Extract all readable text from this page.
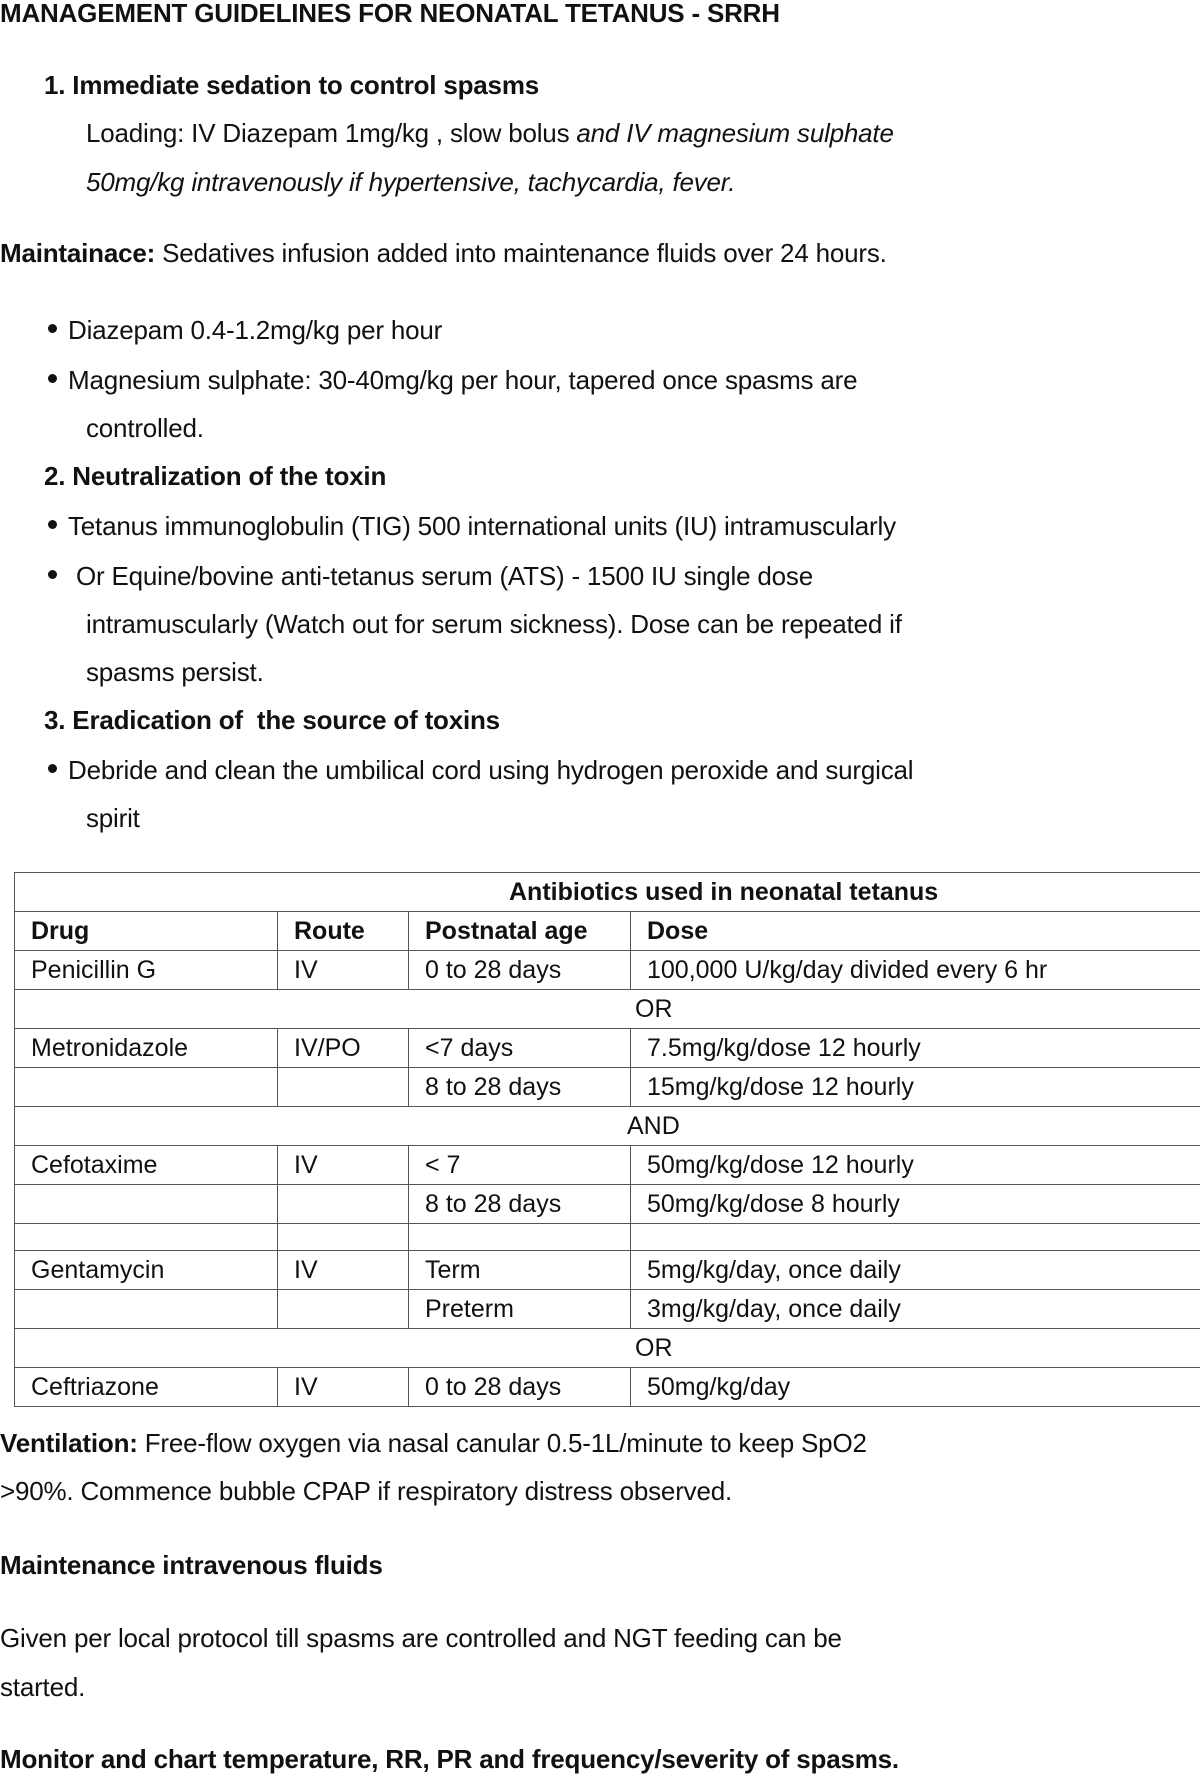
MANAGEMENT GUIDELINES FOR NEONATAL TETANUS - SRRH
1. Immediate sedation to control spasms
Loading: IV Diazepam 1mg/kg , slow bolus and IV magnesium sulphate
50mg/kg intravenously if hypertensive, tachycardia, fever.
Maintainace: Sedatives infusion added into maintenance fluids over 24 hours.
Diazepam 0.4-1.2mg/kg per hour
Magnesium sulphate: 30-40mg/kg per hour, tapered once spasms are
controlled.
2. Neutralization of the toxin
Tetanus immunoglobulin (TIG) 500 international units (IU) intramuscularly
Or Equine/bovine anti-tetanus serum (ATS) - 1500 IU single dose
intramuscularly (Watch out for serum sickness). Dose can be repeated if
spasms persist.
3. Eradication of  the source of toxins
Debride and clean the umbilical cord using hydrogen peroxide and surgical
spirit
Antibiotics used in neonatal tetanus			
Drug	Route	Postnatal age	Dose
Penicillin G	IV	0 to 28 days	100,000 U/kg/day divided every 6 hr
OR			
Metronidazole	IV/PO	<7 days	7.5mg/kg/dose 12 hourly
		8 to 28 days	15mg/kg/dose 12 hourly
AND			
Cefotaxime	IV	< 7	50mg/kg/dose 12 hourly
		8 to 28 days	50mg/kg/dose 8 hourly

Gentamycin	IV	Term	5mg/kg/day, once daily
		Preterm	3mg/kg/day, once daily
OR			
Ceftriazone	IV	0 to 28 days	50mg/kg/day
Ventilation: Free-flow oxygen via nasal canular 0.5-1L/minute to keep SpO2
>90%. Commence bubble CPAP if respiratory distress observed.
Maintenance intravenous fluids
Given per local protocol till spasms are controlled and NGT feeding can be
started.
Monitor and chart temperature, RR, PR and frequency/severity of spasms.
